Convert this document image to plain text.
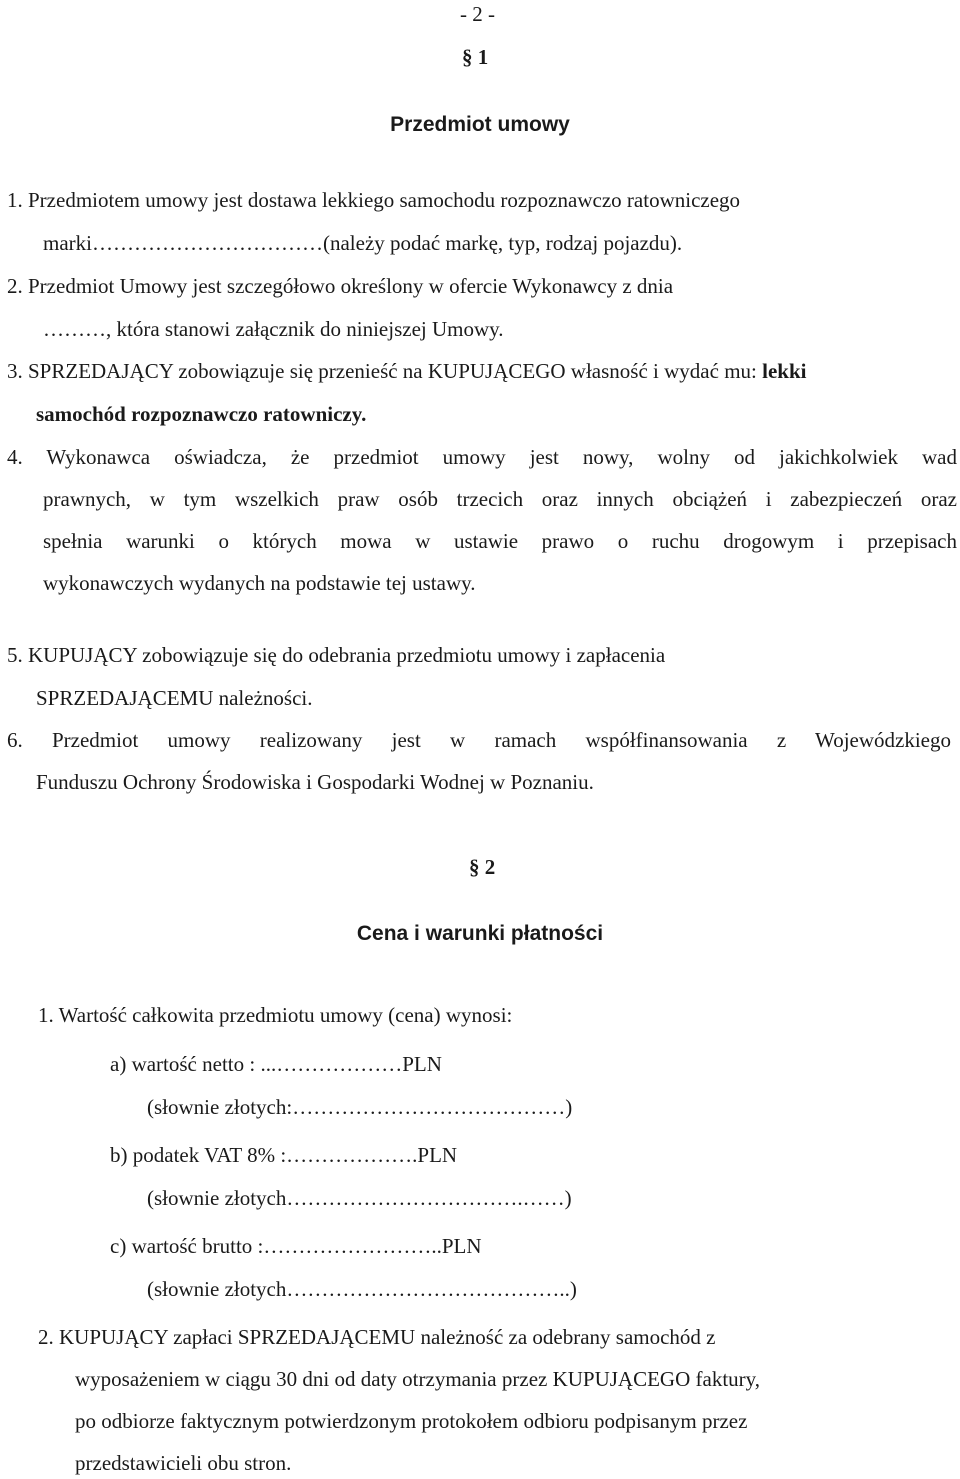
- 2 -
§ 1
Przedmiot umowy
1. Przedmiotem umowy jest dostawa lekkiego samochodu rozpoznawczo ratowniczego
marki……………………………(należy podać markę, typ, rodzaj pojazdu).
2. Przedmiot Umowy jest szczegółowo określony w ofercie Wykonawcy z dnia
………, która stanowi załącznik do niniejszej Umowy.
3. SPRZEDAJĄCY zobowiązuje się przenieść na KUPUJĄCEGO własność i wydać mu: lekki
samochód rozpoznawczo ratowniczy.
4. Wykonawca oświadcza, że przedmiot umowy jest nowy, wolny od jakichkolwiek wad
prawnych, w tym wszelkich praw osób trzecich oraz innych obciążeń i zabezpieczeń oraz
spełnia warunki o których mowa w ustawie prawo o ruchu drogowym i przepisach
wykonawczych wydanych na podstawie tej ustawy.
5. KUPUJĄCY zobowiązuje się do odebrania przedmiotu umowy i zapłacenia
SPRZEDAJĄCEMU należności.
6. Przedmiot umowy realizowany jest w ramach współfinansowania z Wojewódzkiego
Funduszu Ochrony Środowiska i Gospodarki Wodnej w Poznaniu.
§ 2
Cena i warunki płatności
1. Wartość całkowita przedmiotu umowy (cena) wynosi:
a) wartość netto : ...………………PLN
(słownie złotych:…………………………………)
b) podatek VAT 8% :……………….PLN
(słownie złotych…………………………….……)
c) wartość brutto :……………………..PLN
(słownie złotych…………………………………..)
2. KUPUJĄCY zapłaci SPRZEDAJĄCEMU należność za odebrany samochód z
wyposażeniem w ciągu 30 dni od daty otrzymania przez KUPUJĄCEGO faktury,
po odbiorze faktycznym potwierdzonym protokołem odbioru podpisanym przez
przedstawicieli obu stron.
